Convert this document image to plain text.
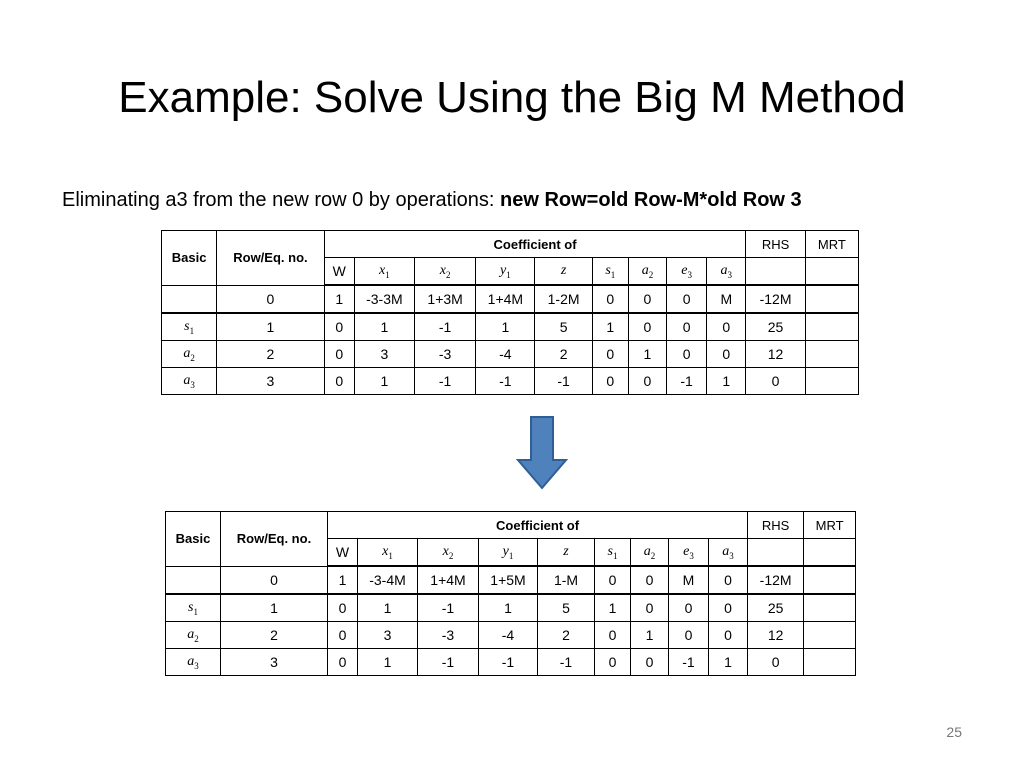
Example: Solve Using the Big M Method
Eliminating a3 from the new row 0 by operations: new Row=old Row-M*old Row 3
Basic	Row/Eq. no.	Coefficient of									RHS	MRT
		W	$x_1$	$x_2$	$y_1$	z	$s_1$	$a_2$	$e_3$	$a_3$		
	0	1	-3-3M	1+3M	1+4M	1-2M	0	0	0	M	-12M	
$s_1$	1	0	1	-1	1	5	1	0	0	0	25	
$a_2$	2	0	3	-3	-4	2	0	1	0	0	12	
$a_3$	3	0	1	-1	-1	-1	0	0	-1	1	0	
Basic	Row/Eq. no.	Coefficient of									RHS	MRT
		W	$x_1$	$x_2$	$y_1$	z	$s_1$	$a_2$	$e_3$	$a_3$		
	0	1	-3-4M	1+4M	1+5M	1-M	0	0	M	0	-12M	
$s_1$	1	0	1	-1	1	5	1	0	0	0	25	
$a_2$	2	0	3	-3	-4	2	0	1	0	0	12	
$a_3$	3	0	1	-1	-1	-1	0	0	-1	1	0	
25
